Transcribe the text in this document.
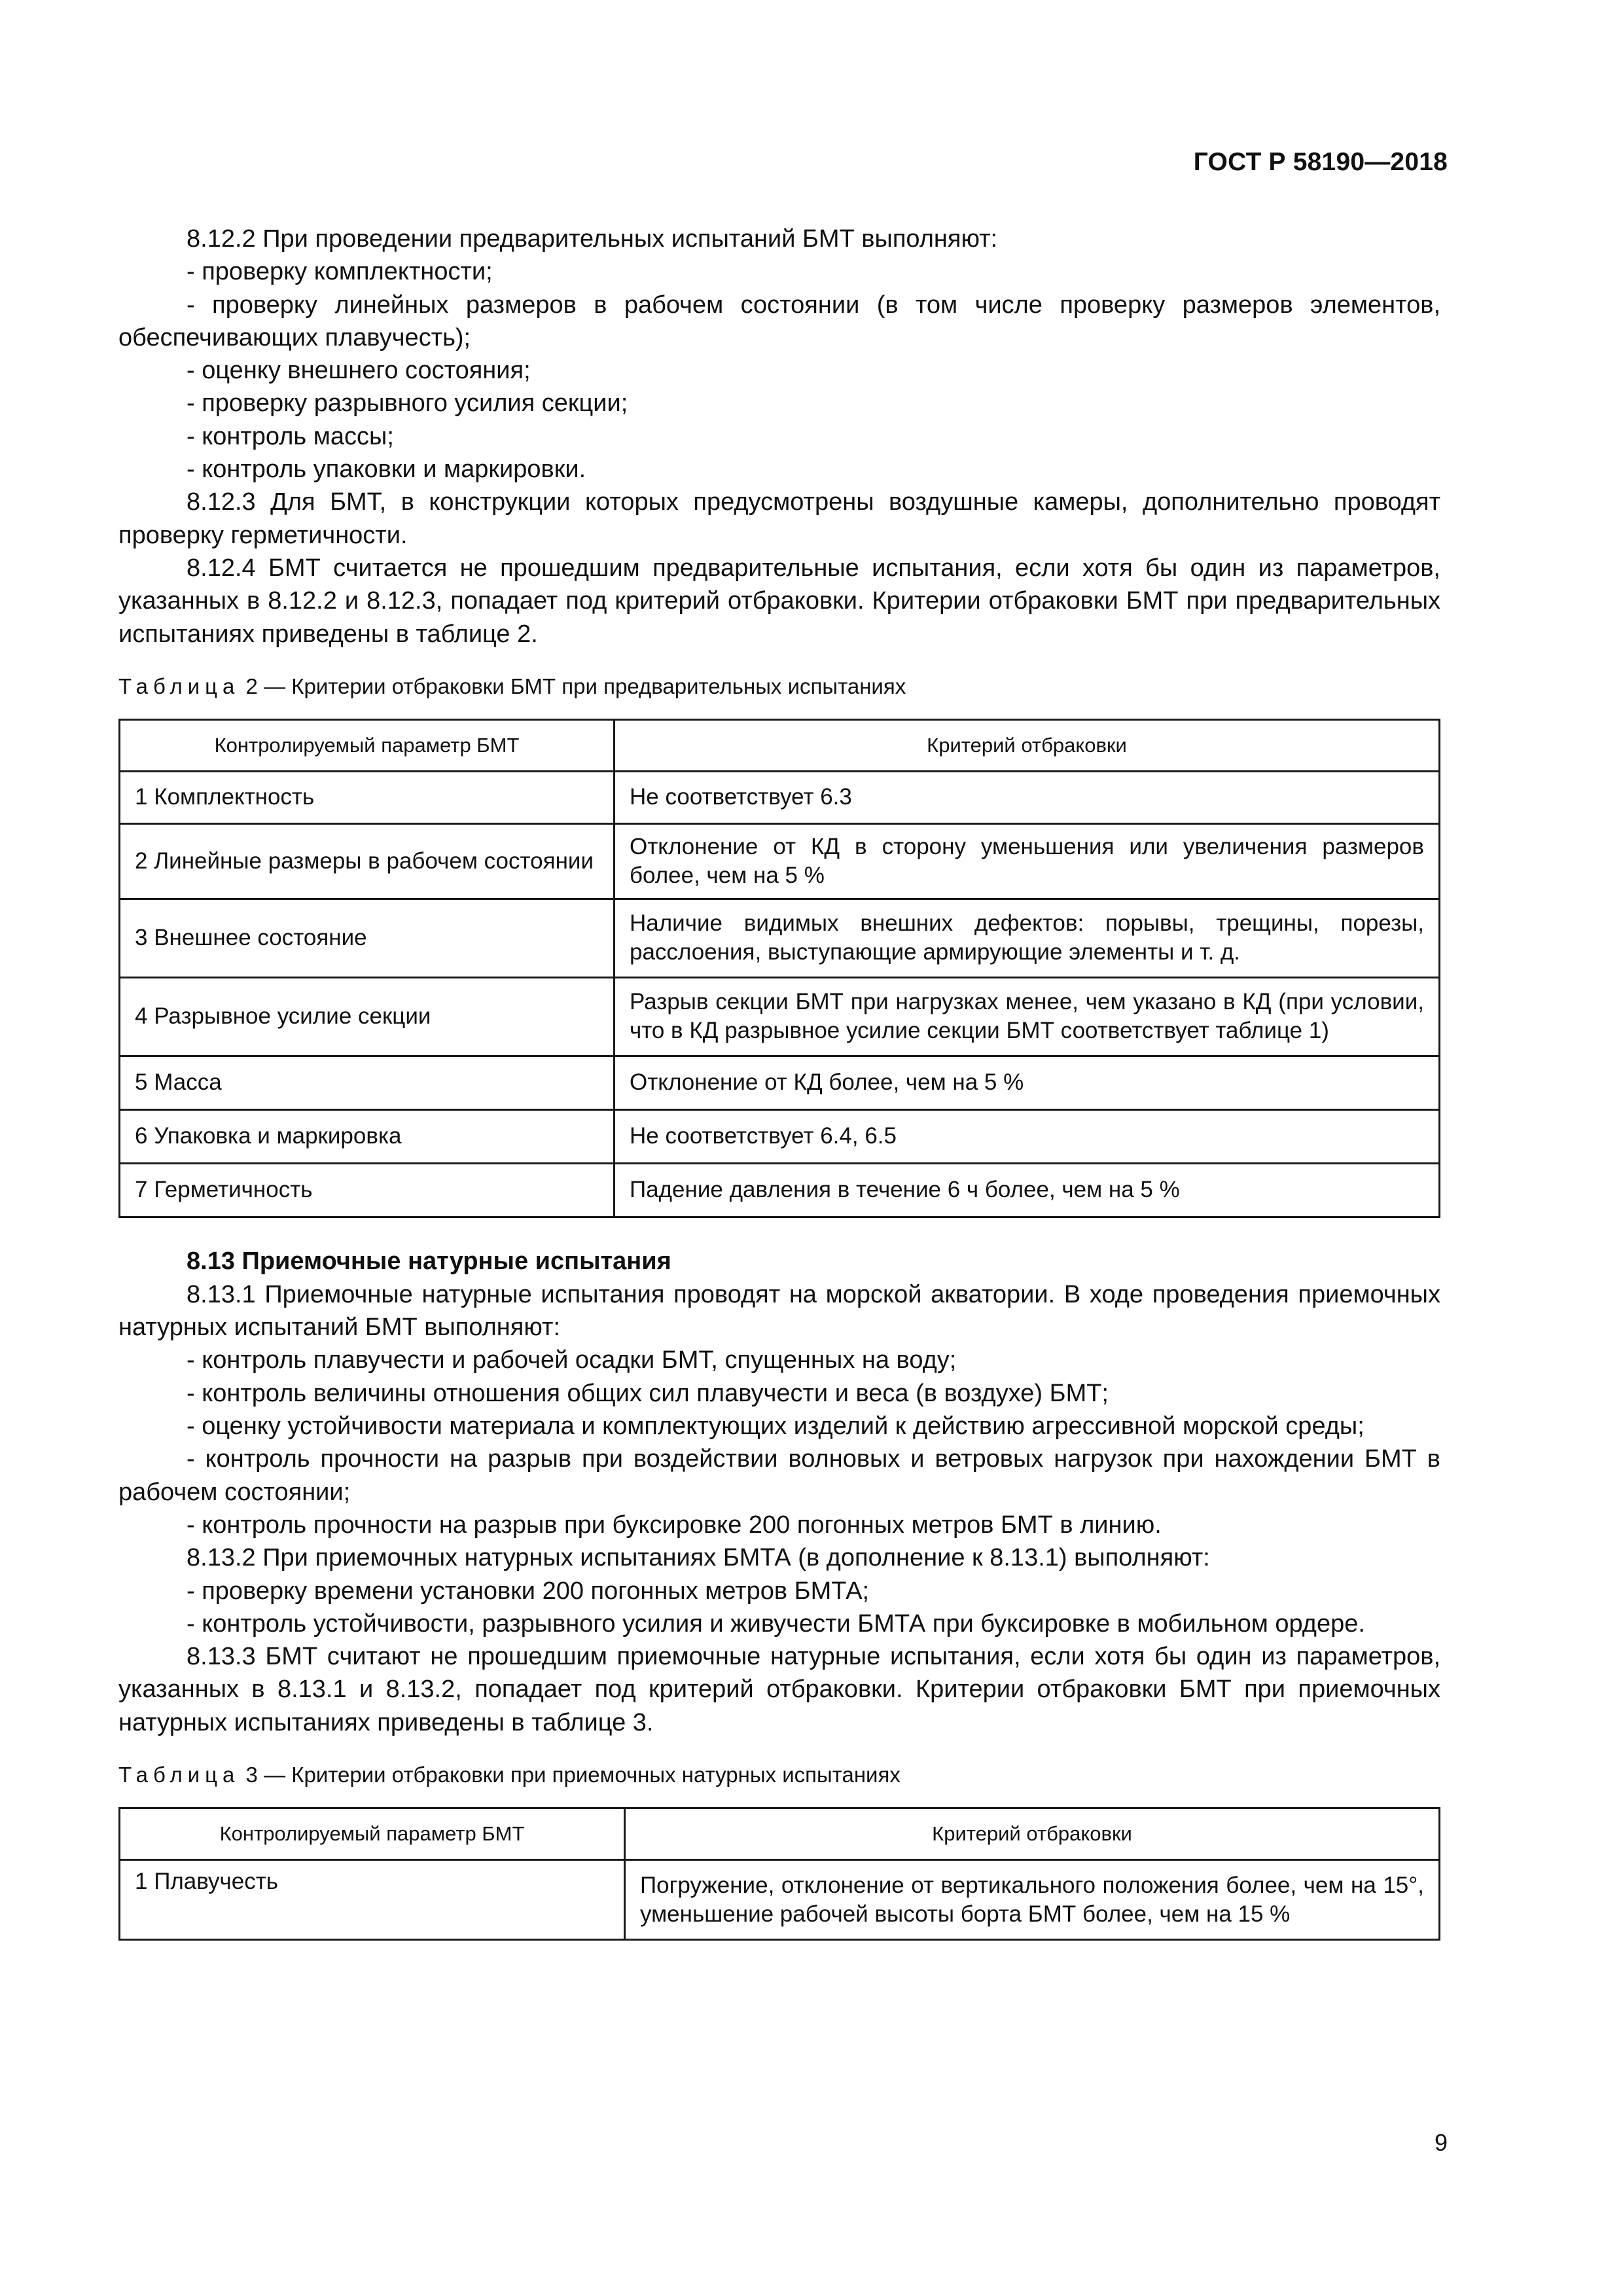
ГОСТ Р 58190—2018

8.12.2 При проведении предварительных испытаний БМТ выполняют:

- проверку комплектности;

- проверку линейных размеров в рабочем состоянии (в том числе проверку размеров элементов, обеспечивающих плавучесть);

- оценку внешнего состояния;

- проверку разрывного усилия секции;

- контроль массы;

- контроль упаковки и маркировки.

8.12.3 Для БМТ, в конструкции которых предусмотрены воздушные камеры, дополнительно проводят проверку герметичности.

8.12.4 БМТ считается не прошедшим предварительные испытания, если хотя бы один из параметров, указанных в 8.12.2 и 8.12.3, попадает под критерий отбраковки. Критерии отбраковки БМТ при предварительных испытаниях приведены в таблице 2.

Таблица 2 — Критерии отбраковки БМТ при предварительных испытаниях
Контролируемый параметр БМТ	Критерий отбраковки
1 Комплектность	Не соответствует 6.3
2 Линейные размеры в рабочем состоянии	Отклонение от КД в сторону уменьшения или увеличения размеров более, чем на 5 %
3 Внешнее состояние	Наличие видимых внешних дефектов: порывы, трещины, порезы, расслоения, выступающие армирующие элементы и т. д.
4 Разрывное усилие секции	Разрыв секции БМТ при нагрузках менее, чем указано в КД (при условии, что в КД разрывное усилие секции БМТ соответствует таблице 1)
5 Масса	Отклонение от КД более, чем на 5 %
6 Упаковка и маркировка	Не соответствует 6.4, 6.5
7 Герметичность	Падение давления в течение 6 ч более, чем на 5 %
8.13 Приемочные натурные испытания

8.13.1 Приемочные натурные испытания проводят на морской акватории. В ходе проведения приемочных натурных испытаний БМТ выполняют:

- контроль плавучести и рабочей осадки БМТ, спущенных на воду;

- контроль величины отношения общих сил плавучести и веса (в воздухе) БМТ;

- оценку устойчивости материала и комплектующих изделий к действию агрессивной морской среды;

- контроль прочности на разрыв при воздействии волновых и ветровых нагрузок при нахождении БМТ в рабочем состоянии;

- контроль прочности на разрыв при буксировке 200 погонных метров БМТ в линию.

8.13.2 При приемочных натурных испытаниях БМТА (в дополнение к 8.13.1) выполняют:

- проверку времени установки 200 погонных метров БМТА;

- контроль устойчивости, разрывного усилия и живучести БМТА при буксировке в мобильном ордере.

8.13.3 БМТ считают не прошедшим приемочные натурные испытания, если хотя бы один из параметров, указанных в 8.13.1 и 8.13.2, попадает под критерий отбраковки. Критерии отбраковки БМТ при приемочных натурных испытаниях приведены в таблице 3.

Таблица 3 — Критерии отбраковки при приемочных натурных испытаниях
Контролируемый параметр БМТ	Критерий отбраковки
1 Плавучесть	Погружение, отклонение от вертикального положения более, чем на 15°, уменьшение рабочей высоты борта БМТ более, чем на 15 %
9
